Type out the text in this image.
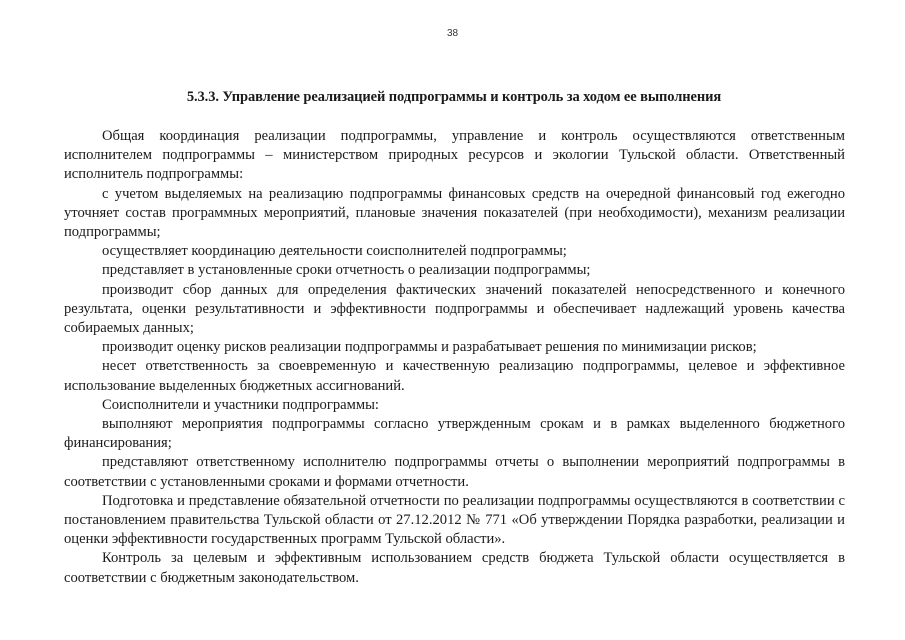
38
5.3.3. Управление реализацией подпрограммы и контроль за ходом ее выполнения

Общая координация реализации подпрограммы, управление и контроль осуществляются ответственным исполнителем подпрограммы – министерством природных ресурсов и экологии Тульской области. Ответственный исполнитель подпрограммы:

с учетом выделяемых на реализацию подпрограммы финансовых средств на очередной финансовый год ежегодно уточняет состав программных мероприятий, плановые значения показателей (при необходимости), механизм реализации подпрограммы;

осуществляет координацию деятельности соисполнителей подпрограммы;

представляет в установленные сроки отчетность о реализации подпрограммы;

производит сбор данных для определения фактических значений показателей непосредственного и конечного результата, оценки результативности и эффективности подпрограммы и обеспечивает надлежащий уровень качества собираемых данных;

производит оценку рисков реализации подпрограммы и разрабатывает решения по минимизации рисков;

несет ответственность за своевременную и качественную реализацию подпрограммы, целевое и эффективное использование выделенных бюджетных ассигнований.

Соисполнители и участники подпрограммы:

выполняют мероприятия подпрограммы согласно утвержденным срокам и в рамках выделенного бюджетного финансирования;

представляют ответственному исполнителю подпрограммы отчеты о выполнении мероприятий подпрограммы в соответствии с установленными сроками и формами отчетности.

Подготовка и представление обязательной отчетности по реализации подпрограммы осуществляются в соответствии с постановлением правительства Тульской области от 27.12.2012 № 771 «Об утверждении Порядка разработки, реализации и оценки эффективности государственных программ Тульской области».

Контроль за целевым и эффективным использованием средств бюджета Тульской области осуществляется в соответствии с бюджетным законодательством.
